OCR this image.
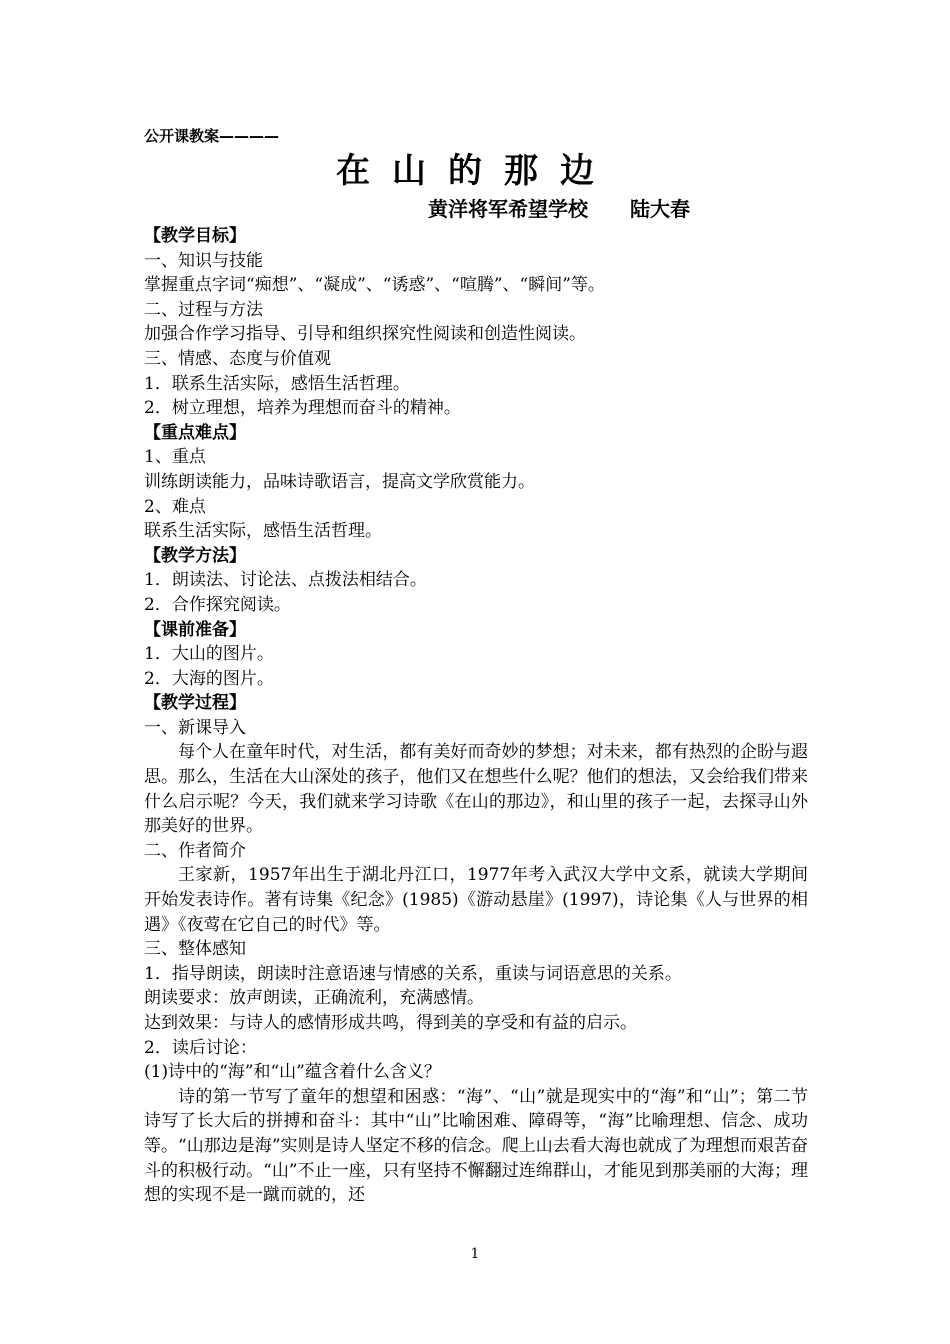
公开课教案————

在山的那边

黄洋将军希望学校 陆大春

【教学目标】

一、知识与技能

掌握重点字词“痴想”、“凝成”、“诱惑”、“喧腾”、“瞬间”等。

二、过程与方法

加强合作学习指导、引导和组织探究性阅读和创造性阅读。

三、情感、态度与价值观

1．联系生活实际，感悟生活哲理。

2．树立理想，培养为理想而奋斗的精神。

【重点难点】

1、重点

训练朗读能力，品味诗歌语言，提高文学欣赏能力。

2、难点

联系生活实际，感悟生活哲理。

【教学方法】

1．朗读法、讨论法、点拨法相结合。

2．合作探究阅读。

【课前准备】

1．大山的图片。

2．大海的图片。

【教学过程】

一、新课导入

每个人在童年时代，对生活，都有美好而奇妙的梦想；对未来，都有热烈的企盼与遐思。那么，生活在大山深处的孩子，他们又在想些什么呢？他们的想法，又会给我们带来什么启示呢？今天，我们就来学习诗歌《在山的那边》，和山里的孩子一起，去探寻山外那美好的世界。

二、作者简介

王家新，1957年出生于湖北丹江口，1977年考入武汉大学中文系，就读大学期间开始发表诗作。著有诗集《纪念》(1985)《游动悬崖》(1997)，诗论集《人与世界的相遇》《夜莺在它自己的时代》等。

三、整体感知

1．指导朗读，朗读时注意语速与情感的关系，重读与词语意思的关系。

朗读要求：放声朗读，正确流利，充满感情。

达到效果：与诗人的感情形成共鸣，得到美的享受和有益的启示。

2．读后讨论：

(1)诗中的“海”和“山”蕴含着什么含义？

诗的第一节写了童年的想望和困惑：“海”、“山”就是现实中的“海”和“山”；第二节诗写了长大后的拼搏和奋斗：其中“山”比喻困难、障碍等，“海”比喻理想、信念、成功等。“山那边是海”实则是诗人坚定不移的信念。爬上山去看大海也就成了为理想而艰苦奋斗的积极行动。“山”不止一座，只有坚持不懈翻过连绵群山，才能见到那美丽的大海；理想的实现不是一蹴而就的，还

1
